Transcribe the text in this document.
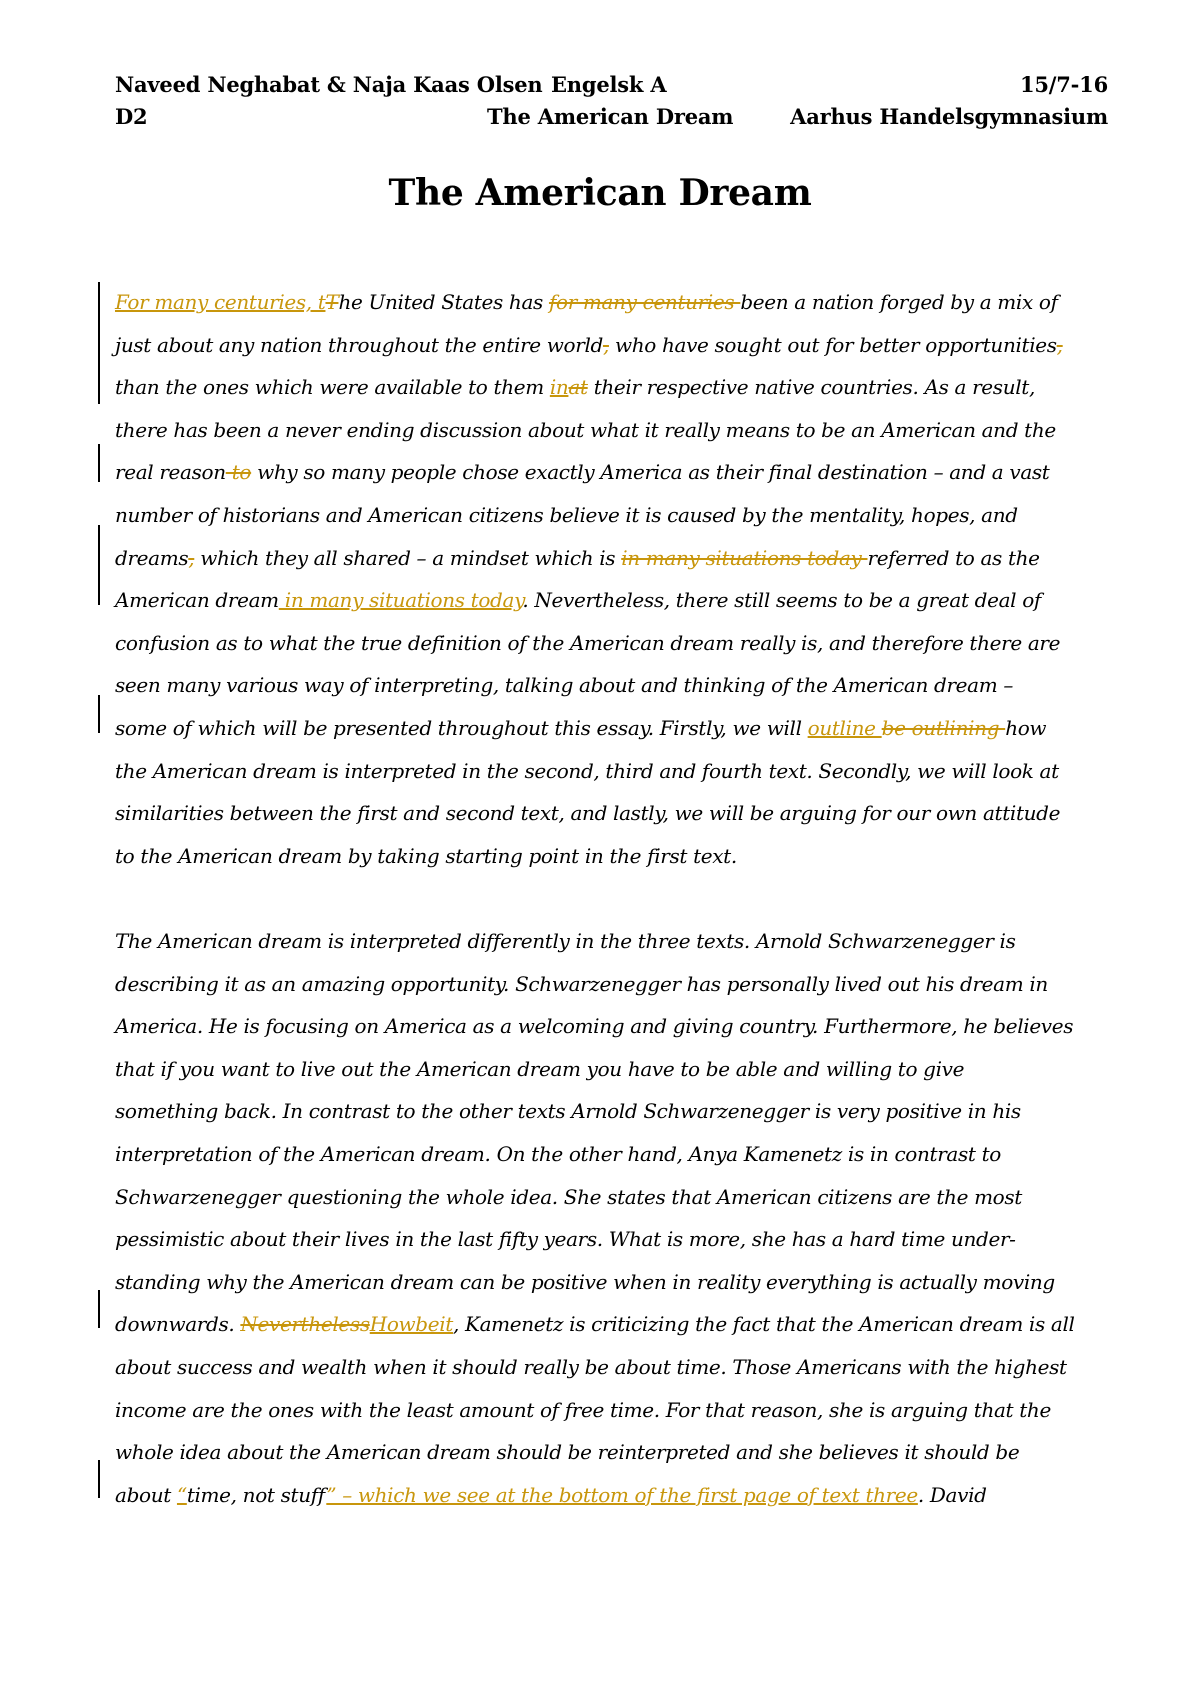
Naveed Neghabat & Naja Kaas Olsen Engelsk A	15/7-16
D2	The American Dream	Aarhus Handelsgymnasium
The American Dream
For many centuries, tThe United States has for many centuries been a nation forged by a mix of
just about any nation throughout the entire world, who have sought out for better opportunities,
than the ones which were available to them inat their respective native countries. As a result,
there has been a never ending discussion about what it really means to be an American and the
real reason to why so many people chose exactly America as their final destination – and a vast
number of historians and American citizens believe it is caused by the mentality, hopes, and
dreams, which they all shared – a mindset which is in many situations today referred to as the
American dream in many situations today. Nevertheless, there still seems to be a great deal of
confusion as to what the true definition of the American dream really is, and therefore there are
seen many various way of interpreting, talking about and thinking of the American dream –
some of which will be presented throughout this essay. Firstly, we will outline be outlining how
the American dream is interpreted in the second, third and fourth text. Secondly, we will look at
similarities between the first and second text, and lastly, we will be arguing for our own attitude
to the American dream by taking starting point in the first text.
The American dream is interpreted differently in the three texts. Arnold Schwarzenegger is
describing it as an amazing opportunity. Schwarzenegger has personally lived out his dream in
America. He is focusing on America as a welcoming and giving country. Furthermore, he believes
that if you want to live out the American dream you have to be able and willing to give
something back. In contrast to the other texts Arnold Schwarzenegger is very positive in his
interpretation of the American dream. On the other hand, Anya Kamenetz is in contrast to
Schwarzenegger questioning the whole idea. She states that American citizens are the most
pessimistic about their lives in the last fifty years. What is more, she has a hard time under-
standing why the American dream can be positive when in reality everything is actually moving
downwards. NeverthelessHowbeit, Kamenetz is criticizing the fact that the American dream is all
about success and wealth when it should really be about time. Those Americans with the highest
income are the ones with the least amount of free time. For that reason, she is arguing that the
whole idea about the American dream should be reinterpreted and she believes it should be
about “time, not stuff” – which we see at the bottom of the first page of text three. David
